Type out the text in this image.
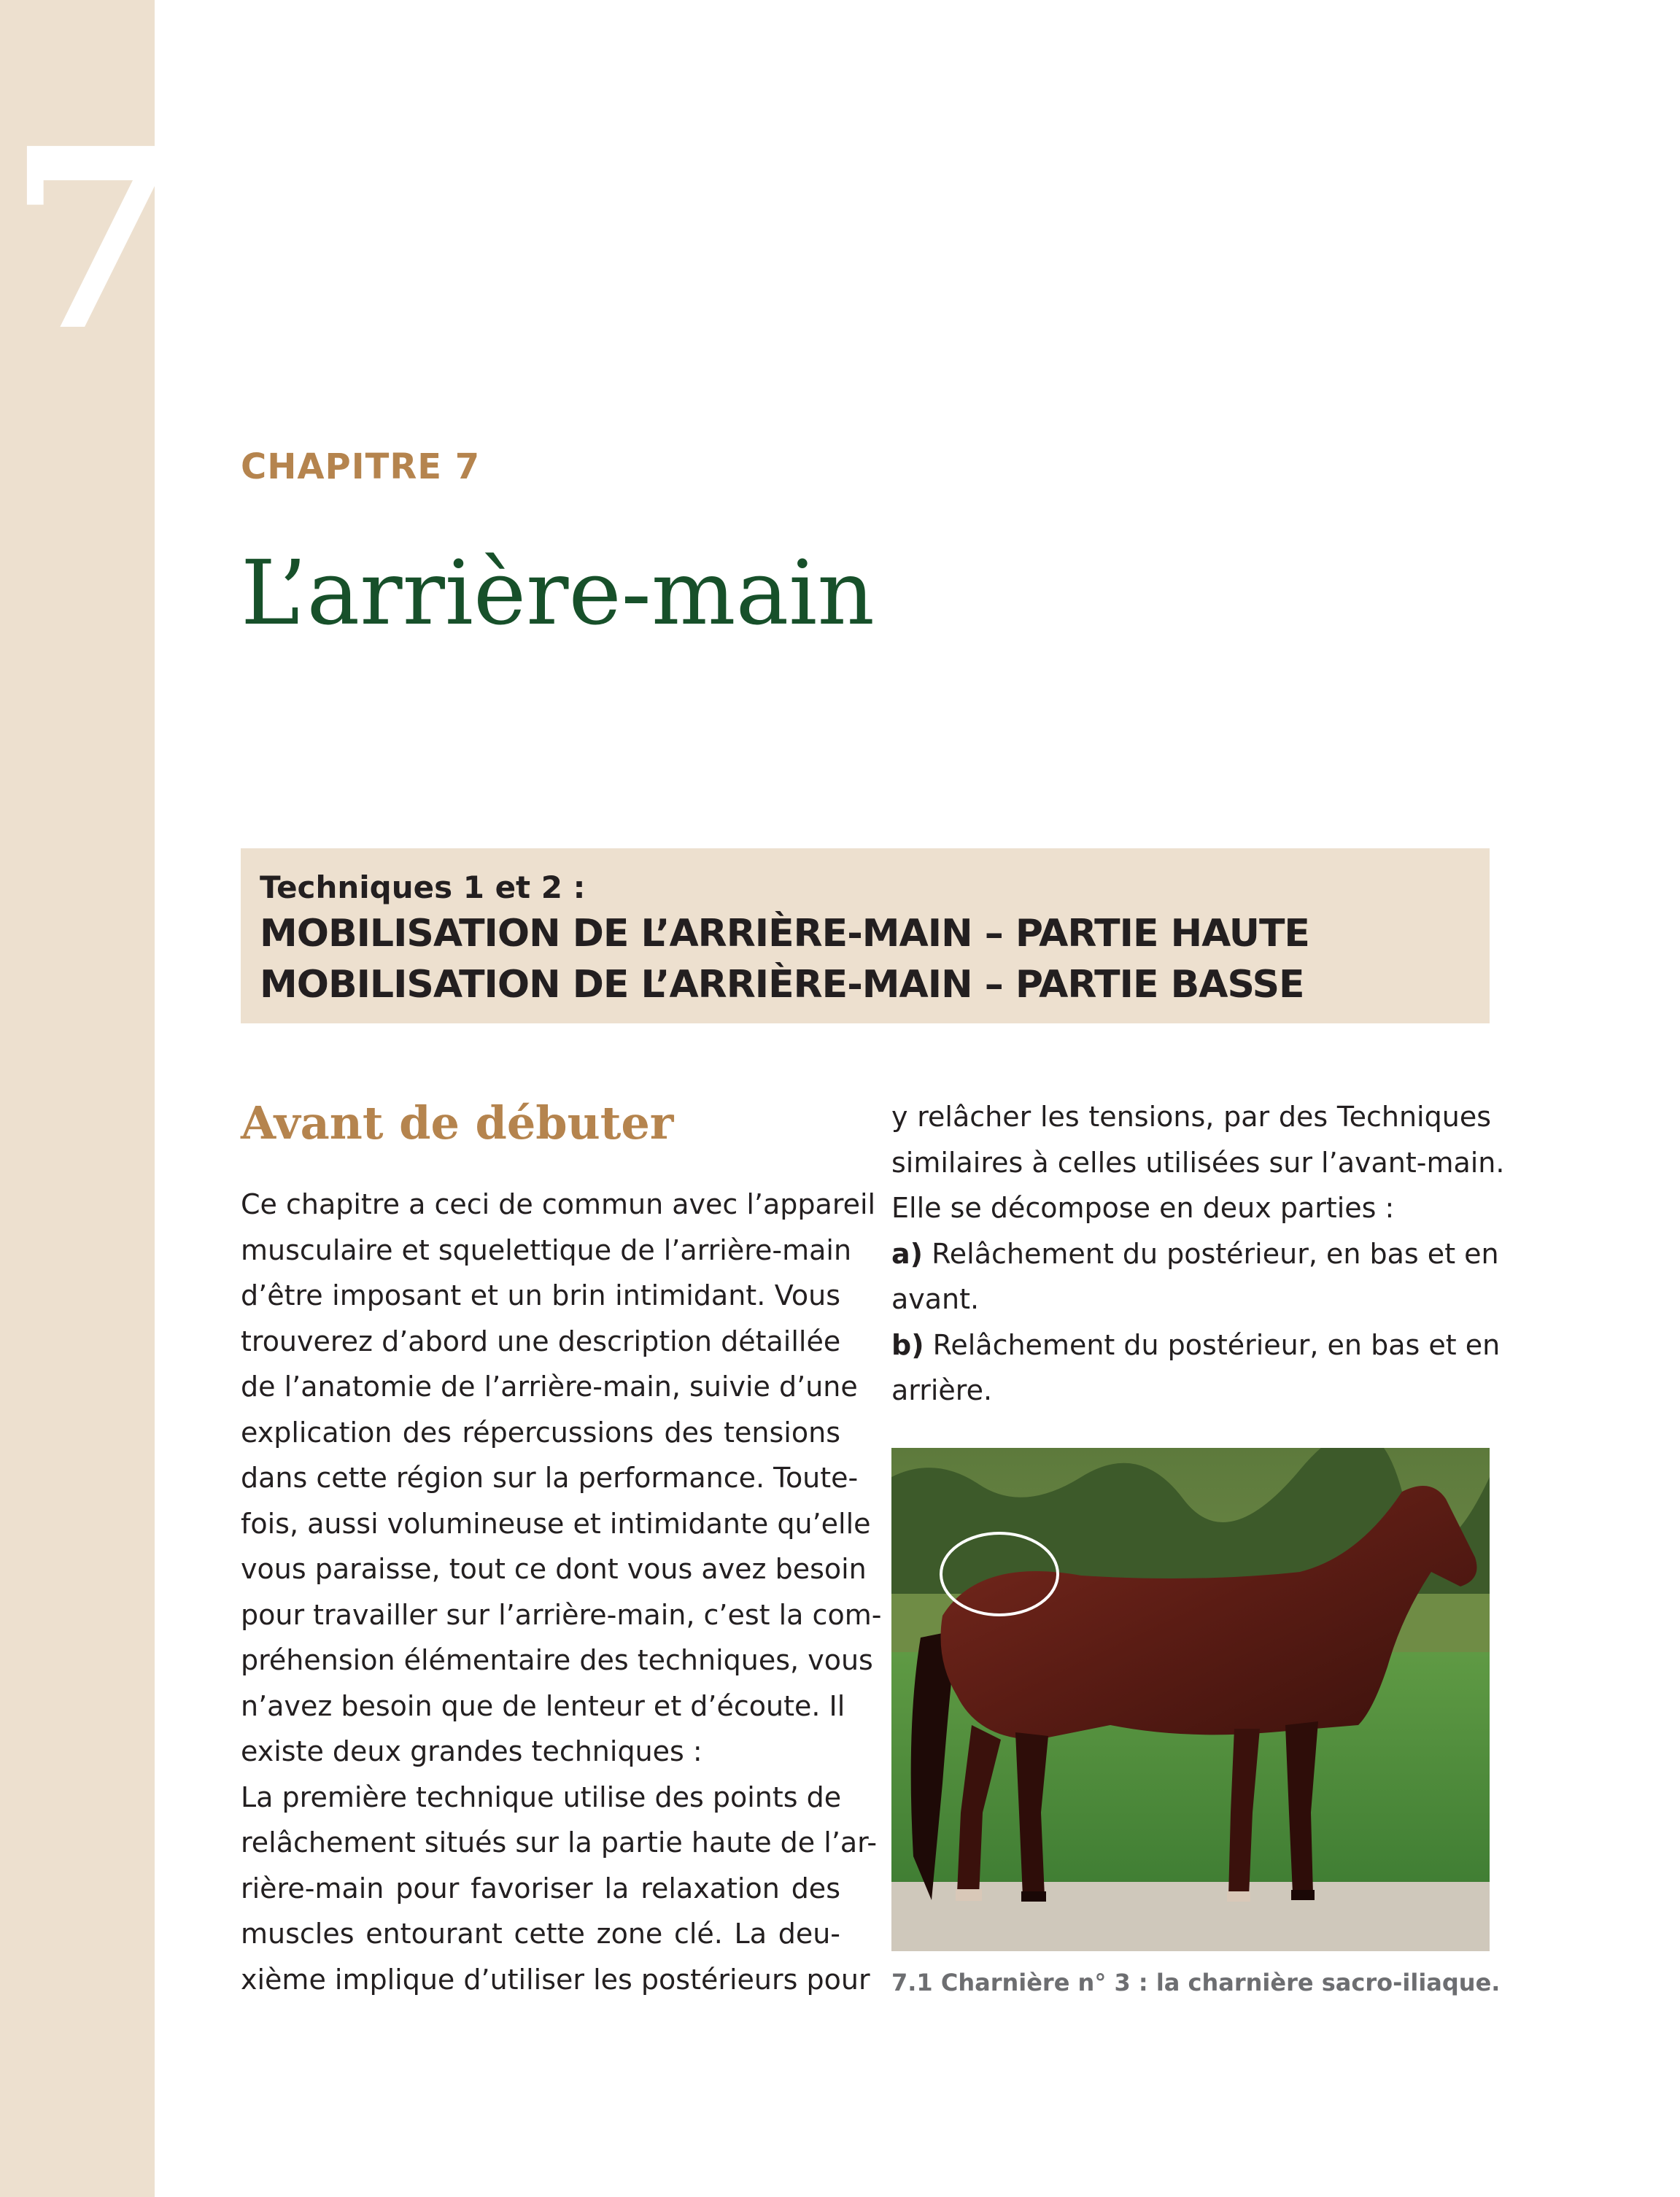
7
CHAPITRE 7
L’arrière-main
Techniques 1 et 2 :
MOBILISATION DE L’ARRIÈRE-MAIN – PARTIE HAUTE
MOBILISATION DE L’ARRIÈRE-MAIN – PARTIE BASSE
Avant de débuter
Ce chapitre a ceci de commun avec l’appareil
musculaire et squelettique de l’arrière-main
d’être imposant et un brin intimidant. Vous
trouverez d’abord une description détaillée
de l’anatomie de l’arrière-main, suivie d’une
explication des répercussions des tensions
dans cette région sur la performance. Toute-
fois, aussi volumineuse et intimidante qu’elle
vous paraisse, tout ce dont vous avez besoin
pour travailler sur l’arrière-main, c’est la com-
préhension élémentaire des techniques, vous
n’avez besoin que de lenteur et d’écoute. Il
existe deux grandes techniques :
La première technique utilise des points de
relâchement situés sur la partie haute de l’ar-
rière-main pour favoriser la relaxation des
muscles entourant cette zone clé. La deu-
xième implique d’utiliser les postérieurs pour
y relâcher les tensions, par des Techniques
similaires à celles utilisées sur l’avant-main.
Elle se décompose en deux parties :
a) Relâchement du postérieur, en bas et en
avant.
b) Relâchement du postérieur, en bas et en
arrière.
7.1 Charnière n° 3 : la charnière sacro-iliaque.
